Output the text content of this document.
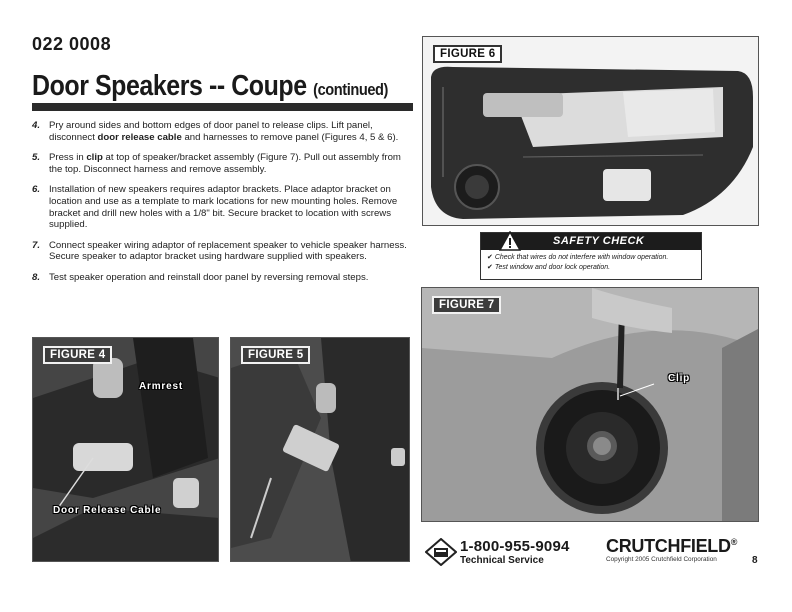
022 0008
Door Speakers -- Coupe (continued)
4. Pry around sides and bottom edges of door panel to release clips. Lift panel, disconnect door release cable and harnesses to remove panel (Figures 4, 5 & 6).
5. Press in clip at top of speaker/bracket assembly (Figure 7). Pull out assembly from the top. Disconnect harness and remove assembly.
6. Installation of new speakers requires adaptor brackets. Place adaptor bracket on location and use as a template to mark locations for new mounting holes. Remove bracket and drill new holes with a 1/8" bit. Secure bracket to location with screws supplied.
7. Connect speaker wiring adaptor of replacement speaker to vehicle speaker harness. Secure speaker to adaptor bracket using hardware supplied with speakers.
8. Test speaker operation and reinstall door panel by reversing removal steps.
FIGURE 6
SAFETY CHECK
✔ Check that wires do not interfere with window operation.
✔ Test window and door lock operation.
FIGURE 4
Armrest
Door Release Cable
FIGURE 5
FIGURE 7
Clip
1-800-955-9094
Technical Service
CRUTCHFIELD®
Copyright 2005 Crutchfield Corporation	8
